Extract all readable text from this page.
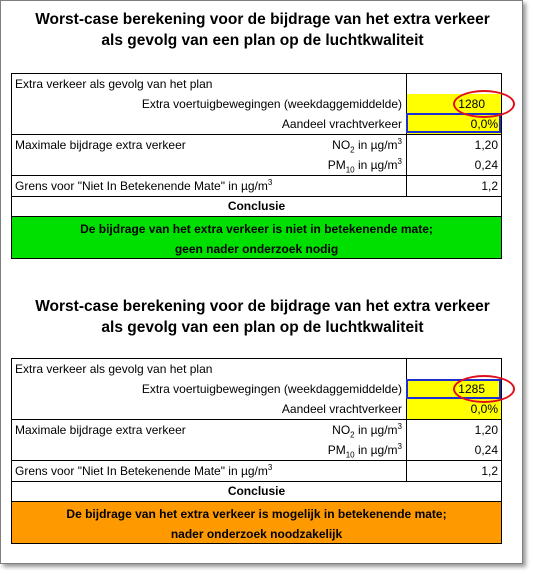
Worst-case berekening voor de bijdrage van het extra verkeer
als gevolg van een plan op de luchtkwaliteit
Extra verkeer als gevolg van het plan
Extra voertuigbewegingen (weekdaggemiddelde)	1280
Aandeel vrachtverkeer	0,0%
Maximale bijdrage extra verkeer	$NO_2$ in $\mu g/m^3$	1,20
$PM_{10}$ in $\mu g/m^3$	0,24
Grens voor "Niet In Betekenende Mate" in $\mu g/m^3$	1,2
Conclusie
De bijdrage van het extra verkeer is niet in betekenende mate;
geen nader onderzoek nodig
Worst-case berekening voor de bijdrage van het extra verkeer
als gevolg van een plan op de luchtkwaliteit
Extra verkeer als gevolg van het plan
Extra voertuigbewegingen (weekdaggemiddelde)	1285
Aandeel vrachtverkeer	0,0%
Maximale bijdrage extra verkeer	$NO_2$ in $\mu g/m^3$	1,20
$PM_{10}$ in $\mu g/m^3$	0,24
Grens voor "Niet In Betekenende Mate" in $\mu g/m^3$	1,2
Conclusie
De bijdrage van het extra verkeer is mogelijk in betekenende mate;
nader onderzoek noodzakelijk
